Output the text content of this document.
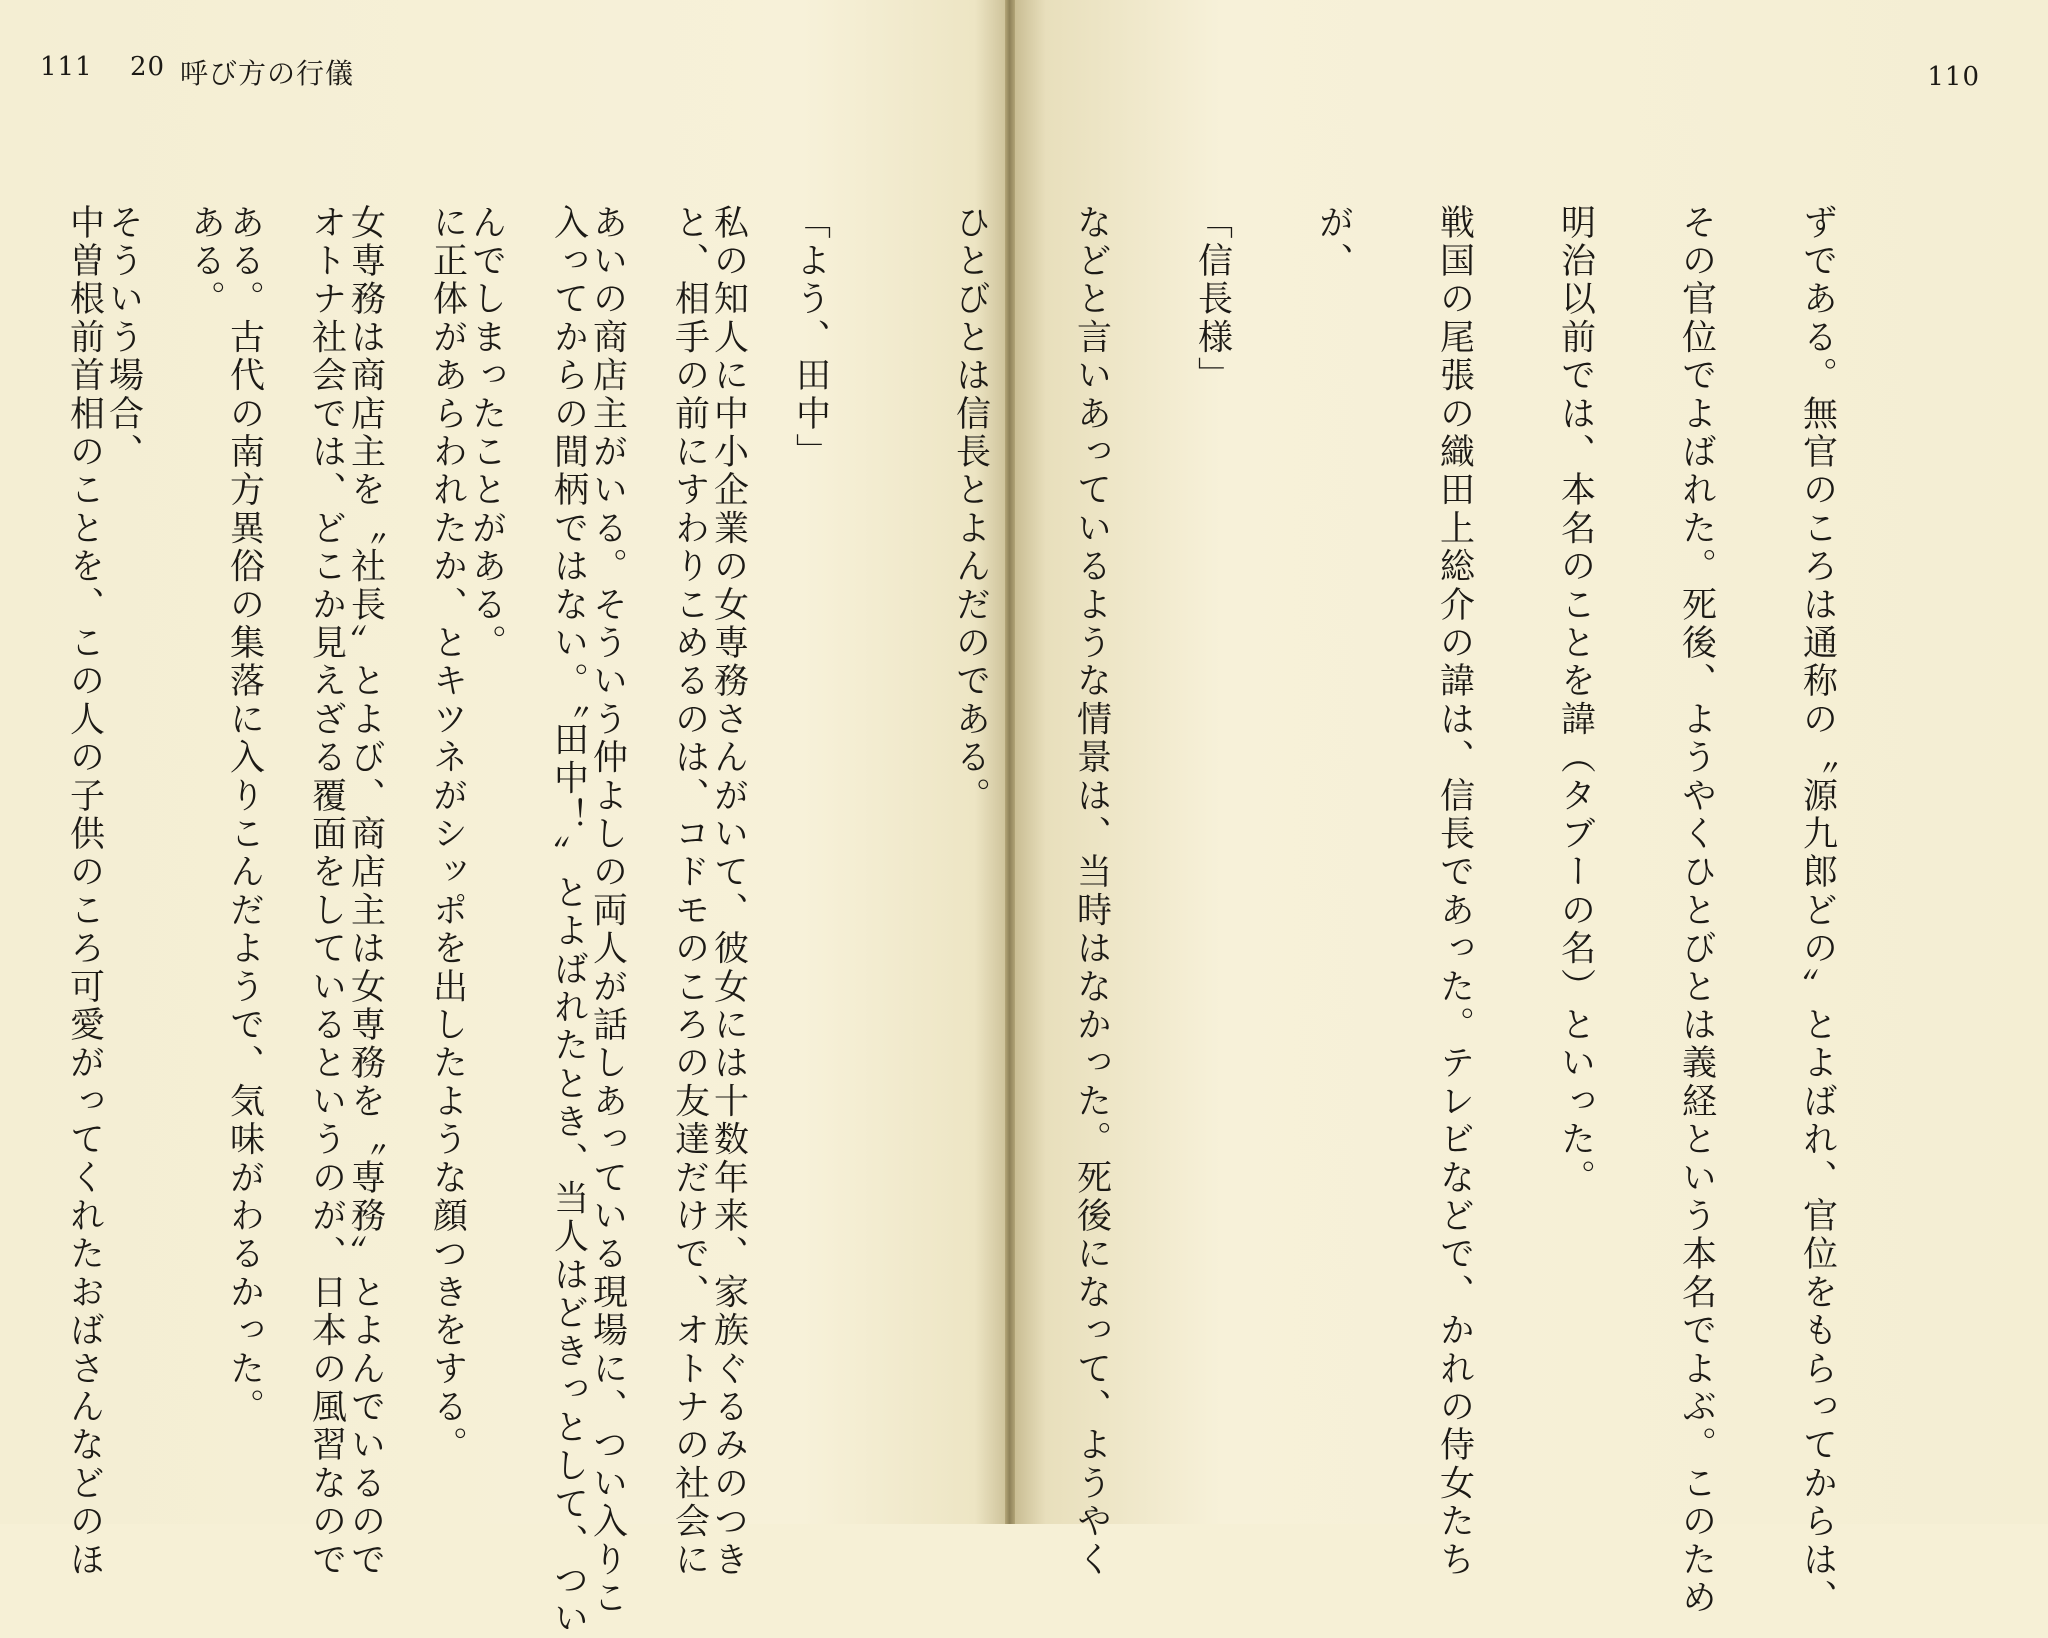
111 20 呼び方の行儀

「よう、田中」
と、相手の前にすわりこめるのは、コドモのころの友達だけで、オトナの社会に
入ってからの間柄ではない。〝田中！〟とよばれたとき、当人はどきっとして、つい
に正体があらわれたか、とキツネがシッポを出したような顔つきをする。
オトナ社会では、どこか見えざる覆面をしているというのが、日本の風習なので
ある。
中曽根前首相のことを、この人の子供のころ可愛がってくれたおばさんなどのほ

110

ずである。無官のころは通称の〝源九郎どの〟とよばれ、官位をもらってからは、
その官位でよばれた。死後、ようやくひとびとは義経という本名でよぶ。このため
明治以前では、本名のことを諱（タブーの名）といった。
戦国の尾張の織田上総介の諱は、信長であった。テレビなどで、かれの侍女たち
が、
「信長様」
などと言いあっているような情景は、当時はなかった。死後になって、ようやく
ひとびとは信長とよんだのである。

私の知人に中小企業の女専務さんがいて、彼女には十数年来、家族ぐるみのつき
あいの商店主がいる。そういう仲よしの両人が話しあっている現場に、つい入りこ
んでしまったことがある。
女専務は商店主を〝社長〟とよび、商店主は女専務を〝専務〟とよんでいるので
ある。古代の南方異俗の集落に入りこんだようで、気味がわるかった。
そういう場合、
